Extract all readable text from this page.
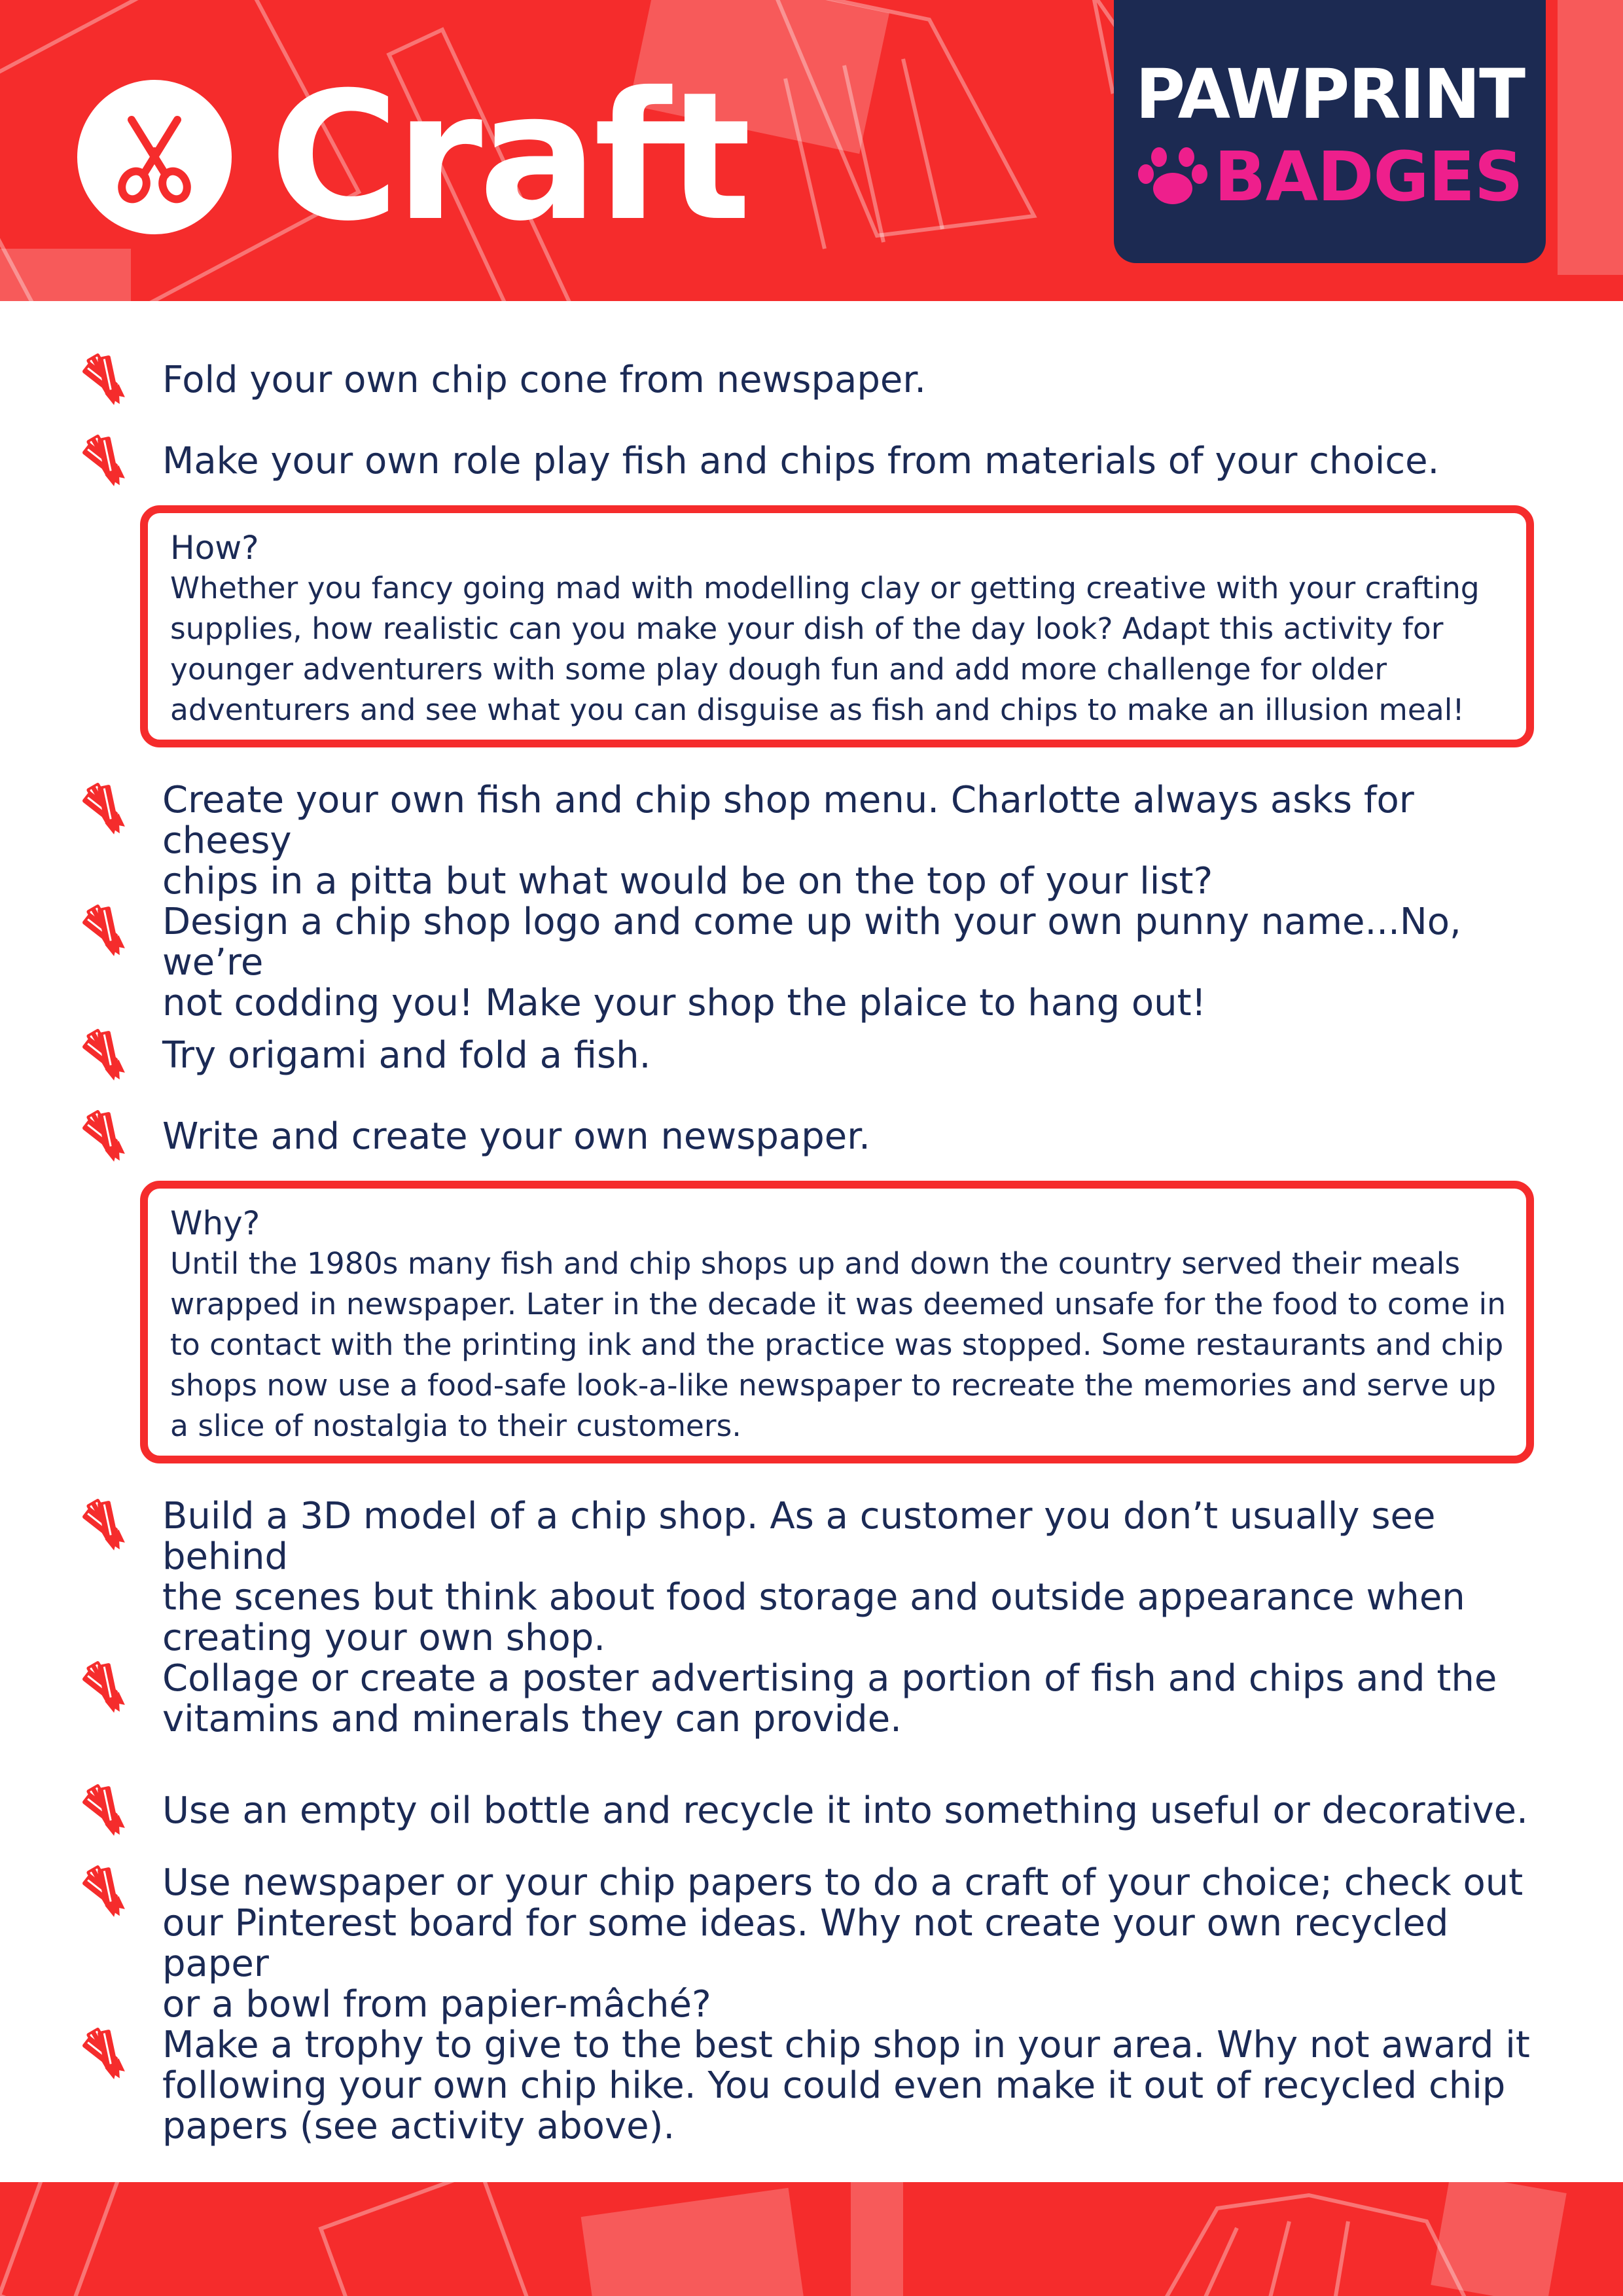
Craft	PAWPRINT
BADGES
Fold your own chip cone from newspaper.
Make your own role play fish and chips from materials of your choice.
How?
Whether you fancy going mad with modelling clay or getting creative with your crafting
supplies, how realistic can you make your dish of the day look? Adapt this activity for
younger adventurers with some play dough fun and add more challenge for older
adventurers and see what you can disguise as fish and chips to make an illusion meal!
Create your own fish and chip shop menu. Charlotte always asks for cheesy
chips in a pitta but what would be on the top of your list?
Design a chip shop logo and come up with your own punny name...No, we’re
not codding you! Make your shop the plaice to hang out!
Try origami and fold a fish.
Write and create your own newspaper.
Why?
Until the 1980s many fish and chip shops up and down the country served their meals
wrapped in newspaper. Later in the decade it was deemed unsafe for the food to come in
to contact with the printing ink and the practice was stopped. Some restaurants and chip
shops now use a food-safe look-a-like newspaper to recreate the memories and serve up
a slice of nostalgia to their customers.
Build a 3D model of a chip shop. As a customer you don’t usually see behind
the scenes but think about food storage and outside appearance when
creating your own shop.
Collage or create a poster advertising a portion of fish and chips and the
vitamins and minerals they can provide.
Use an empty oil bottle and recycle it into something useful or decorative.
Use newspaper or your chip papers to do a craft of your choice; check out
our Pinterest board for some ideas. Why not create your own recycled paper
or a bowl from papier-mâché?
Make a trophy to give to the best chip shop in your area. Why not award it
following your own chip hike. You could even make it out of recycled chip
papers (see activity above).
